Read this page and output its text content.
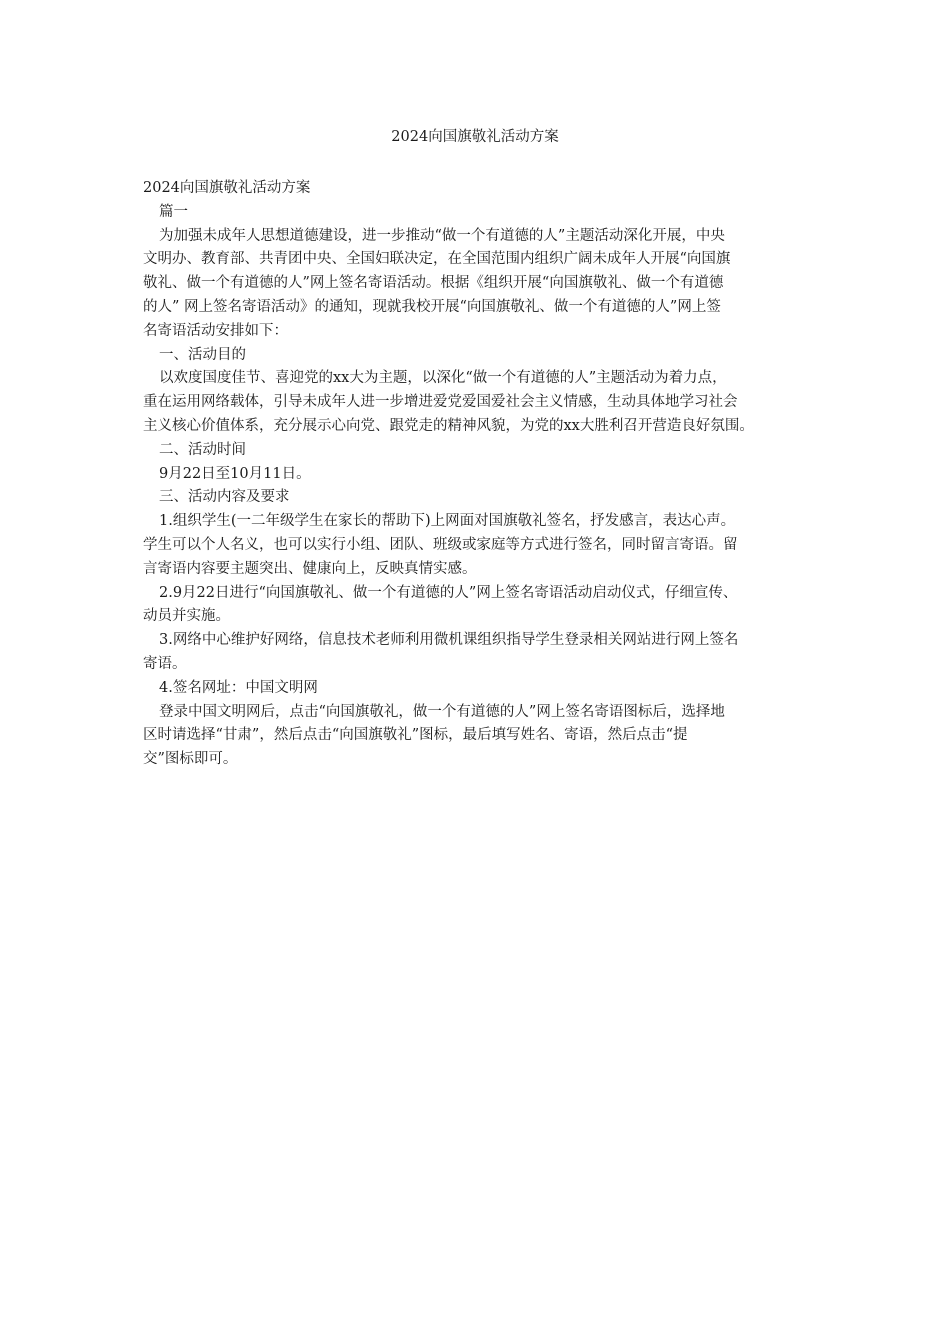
2024向国旗敬礼活动方案
2024向国旗敬礼活动方案
篇一
为加强未成年人思想道德建设，进一步推动“做一个有道德的人”主题活动深化开展，中央
文明办、教育部、共青团中央、全国妇联决定，在全国范围内组织广阔未成年人开展“向国旗
敬礼、做一个有道德的人”网上签名寄语活动。根据《组织开展“向国旗敬礼、做一个有道德
的人” 网上签名寄语活动》的通知，现就我校开展“向国旗敬礼、做一个有道德的人”网上签
名寄语活动安排如下：
一、活动目的
以欢度国度佳节、喜迎党的xx大为主题，以深化“做一个有道德的人”主题活动为着力点，
重在运用网络载体，引导未成年人进一步增进爱党爱国爱社会主义情感，生动具体地学习社会
主义核心价值体系，充分展示心向党、跟党走的精神风貌，为党的xx大胜利召开营造良好氛围。
二、活动时间
9月22日至10月11日。
三、活动内容及要求
1.组织学生(一二年级学生在家长的帮助下)上网面对国旗敬礼签名，抒发感言，表达心声。
学生可以个人名义，也可以实行小组、团队、班级或家庭等方式进行签名，同时留言寄语。留
言寄语内容要主题突出、健康向上，反映真情实感。
2.9月22日进行“向国旗敬礼、做一个有道德的人”网上签名寄语活动启动仪式，仔细宣传、
动员并实施。
3.网络中心维护好网络，信息技术老师利用微机课组织指导学生登录相关网站进行网上签名
寄语。
4.签名网址：中国文明网
登录中国文明网后，点击“向国旗敬礼，做一个有道德的人”网上签名寄语图标后，选择地
区时请选择“甘肃”，然后点击“向国旗敬礼”图标，最后填写姓名、寄语，然后点击“提
交”图标即可。
